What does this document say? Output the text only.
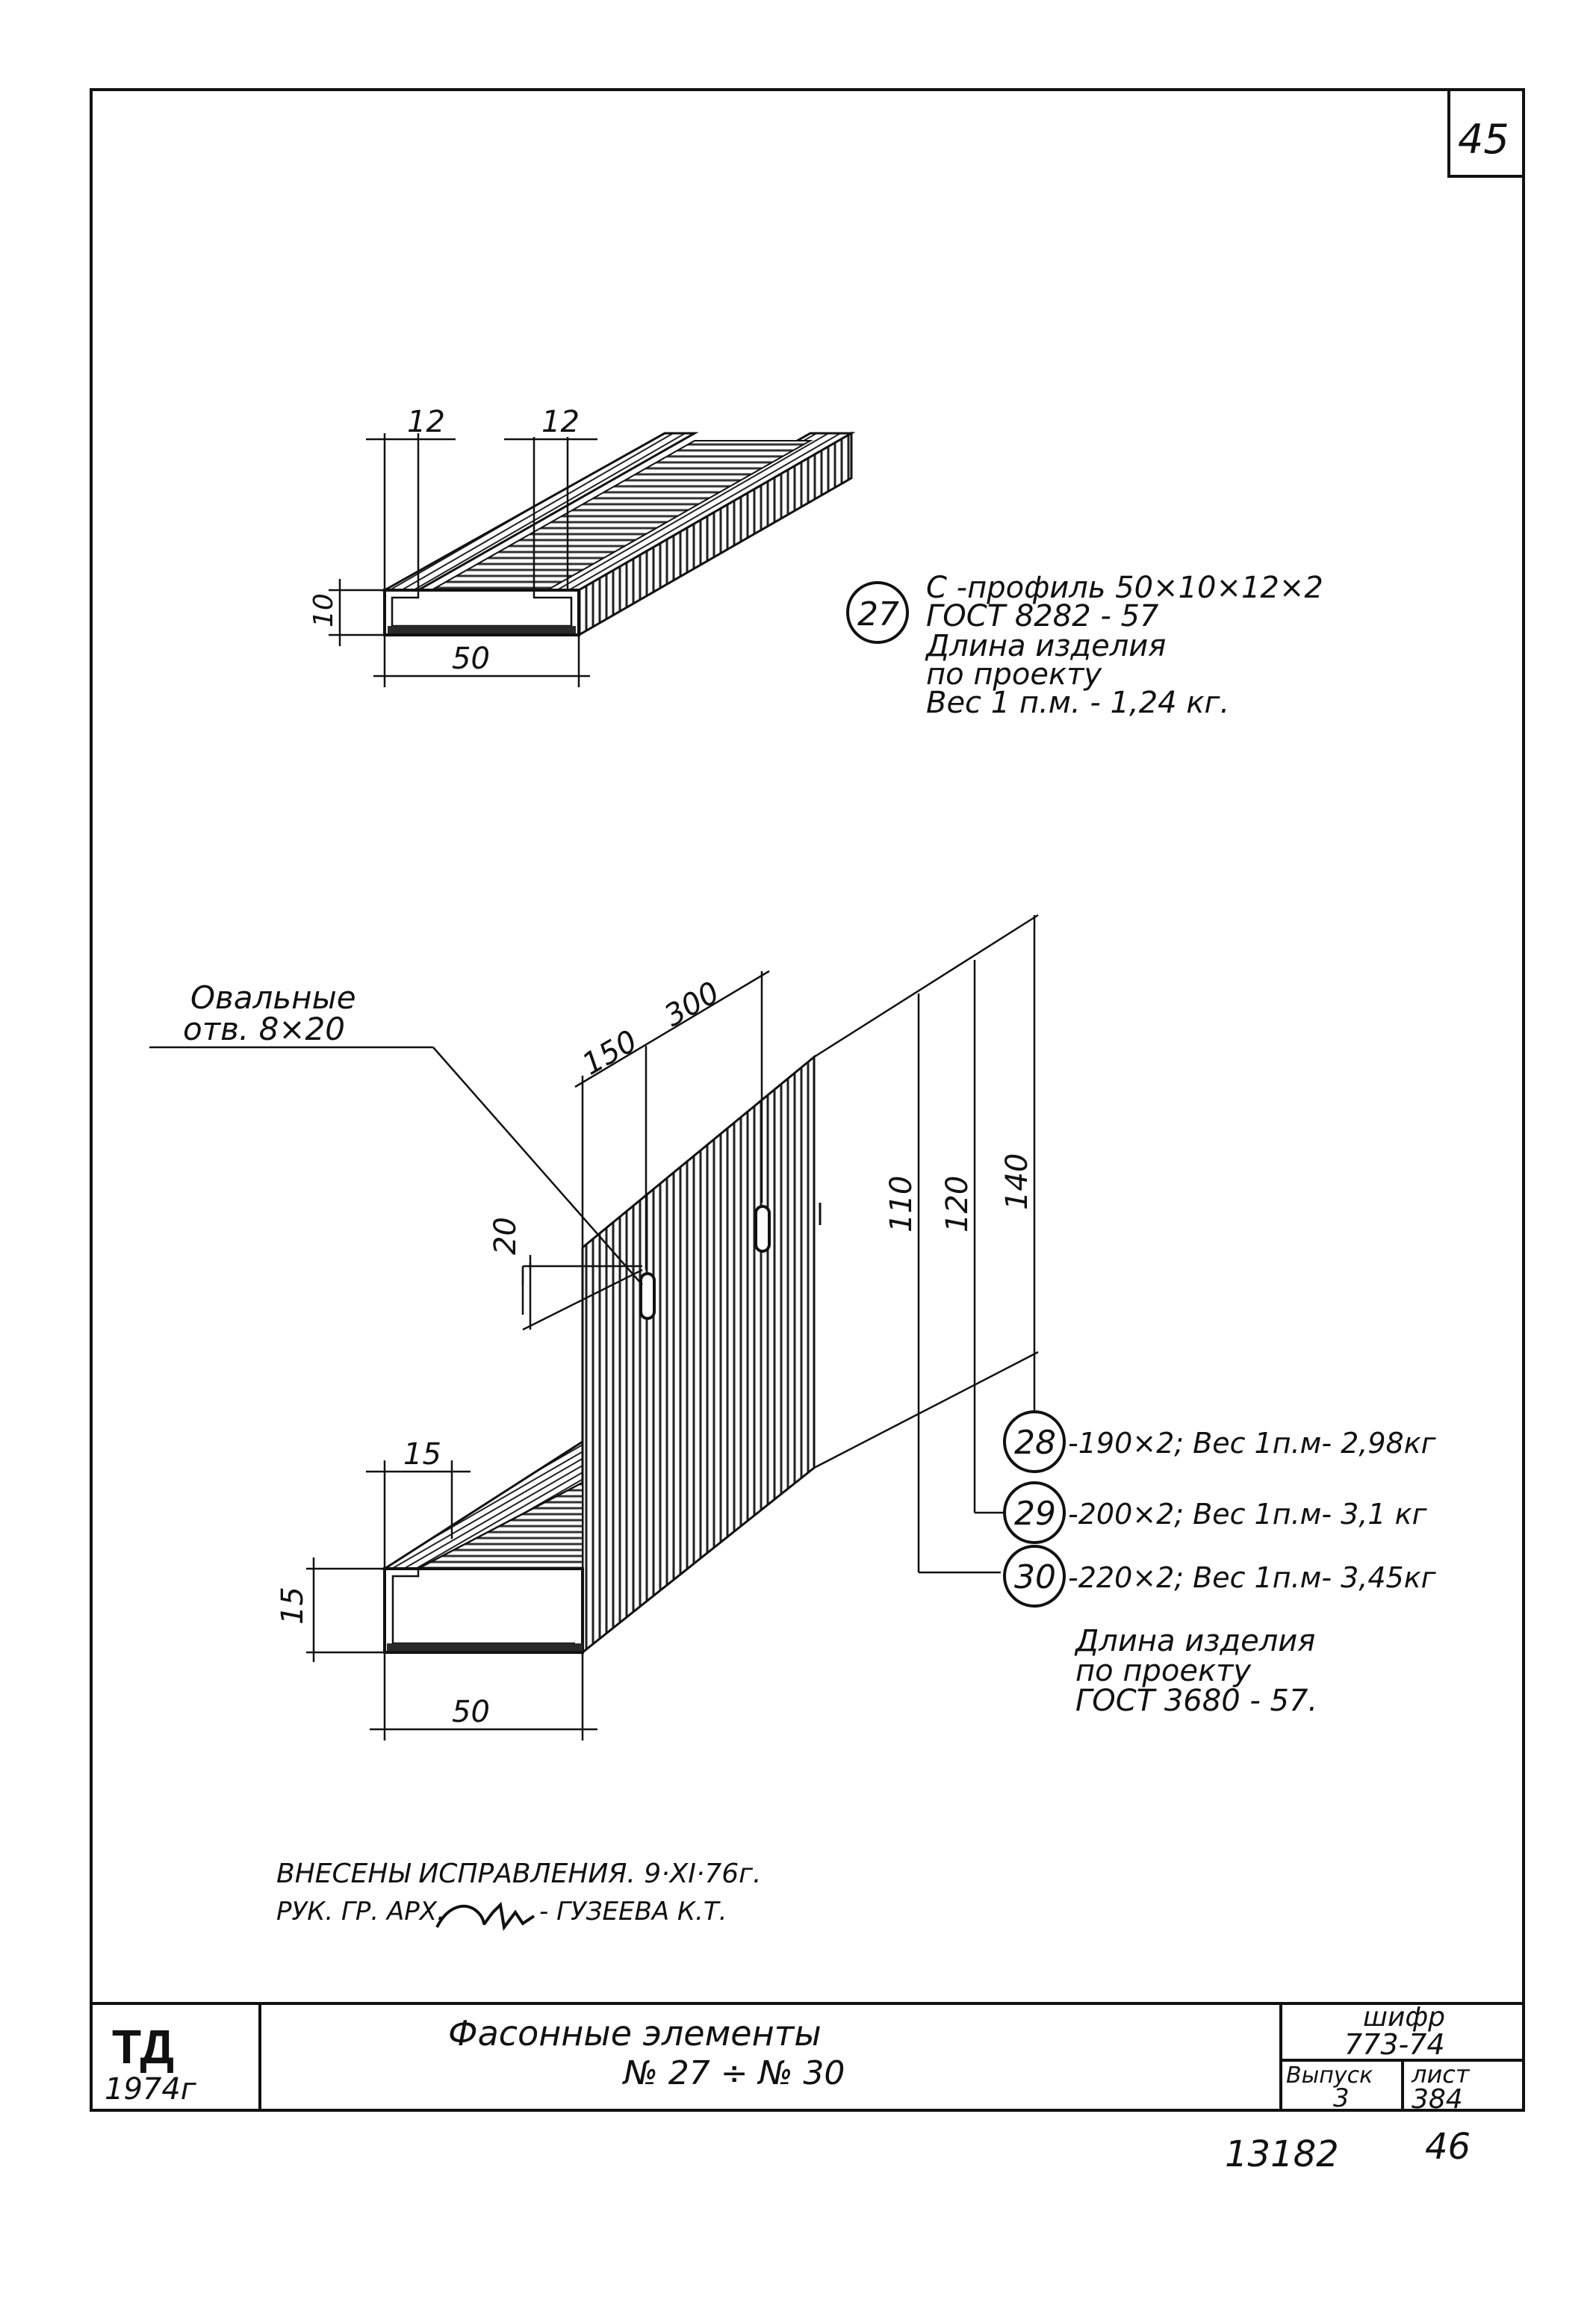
45
50
12	12
10	27
С -профиль 50×10×12×2
ГОСТ 8282 - 57
Длина изделия
по проекту
Вес 1 п.м. - 1,24 кг.
Овальные
отв. 8×20	150
300
20
15
15
50
110 120 140
28 -190×2; Вес 1п.м- 2,98кг
29 -200×2; Вес 1п.м- 3,1 кг
30 -220×2; Вес 1п.м- 3,45кг
Длина изделия
по проекту
ГОСТ 3680 - 57.
ВНЕСЕНЫ ИСПРАВЛЕНИЯ. 9·XI·76г.
РУК. ГР. АРХ.	- ГУЗЕЕВА К.Т.
ТД
1974г
Фасонные элементы
№ 27 ÷ № 30
шифр
773-74
Выпуск
3
лист
384
13182 46
